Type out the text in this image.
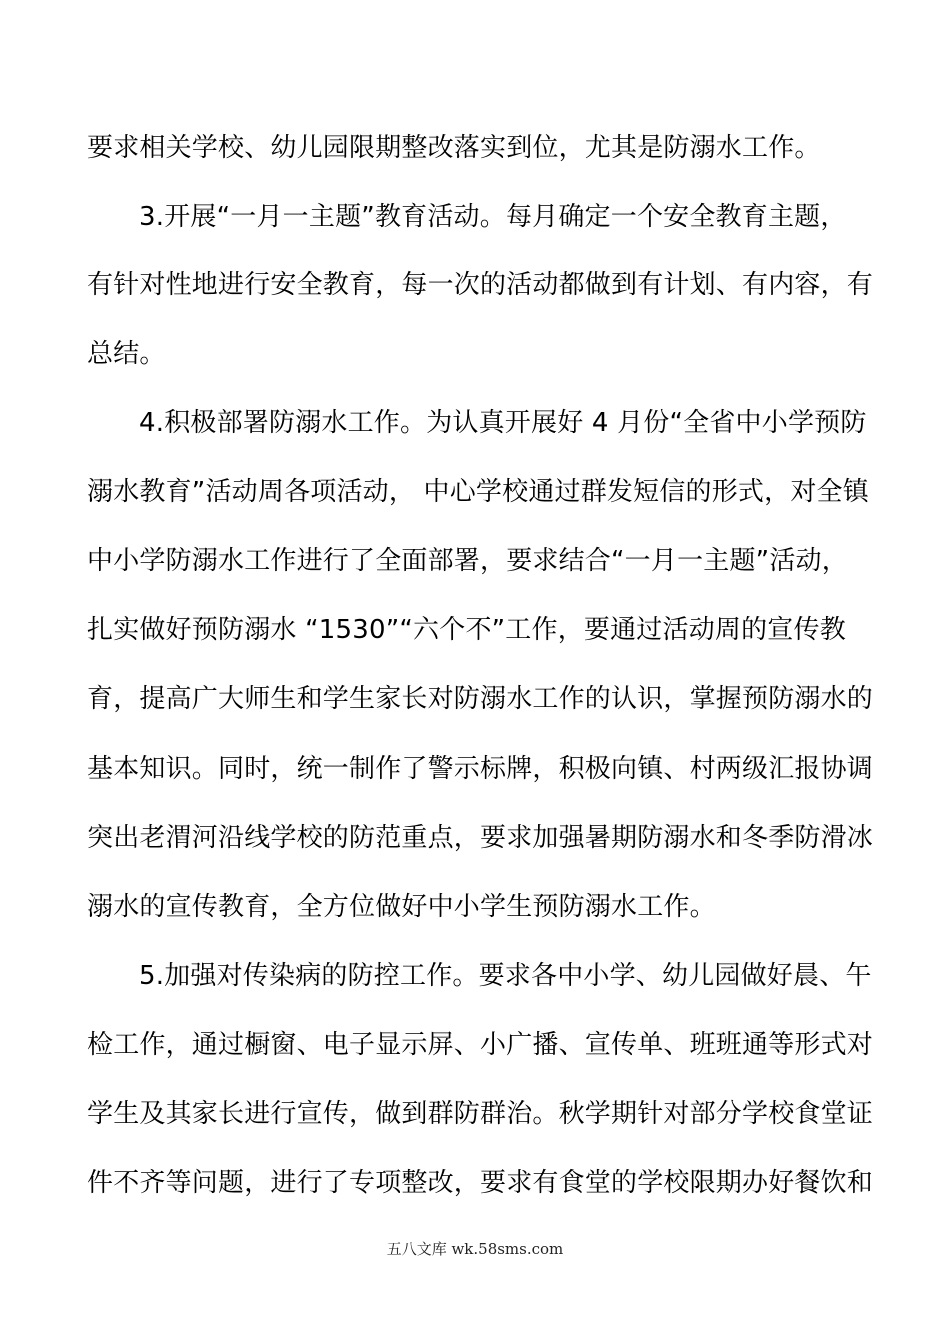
要求相关学校、幼儿园限期整改落实到位，尤其是防溺水工作。
3.开展“一月一主题”教育活动。每月确定一个安全教育主题，
有针对性地进行安全教育，每一次的活动都做到有计划、有内容，有
总结。
4.积极部署防溺水工作。为认真开展好 4 月份“全省中小学预防
溺水教育”活动周各项活动， 中心学校通过群发短信的形式，对全镇
中小学防溺水工作进行了全面部署，要求结合“一月一主题”活动，
扎实做好预防溺水 “1530”“六个不”工作，要通过活动周的宣传教
育，提高广大师生和学生家长对防溺水工作的认识，掌握预防溺水的
基本知识。同时，统一制作了警示标牌，积极向镇、村两级汇报协调
突出老渭河沿线学校的防范重点，要求加强暑期防溺水和冬季防滑冰
溺水的宣传教育，全方位做好中小学生预防溺水工作。
5.加强对传染病的防控工作。要求各中小学、幼儿园做好晨、午
检工作，通过橱窗、电子显示屏、小广播、宣传单、班班通等形式对
学生及其家长进行宣传，做到群防群治。秋学期针对部分学校食堂证
件不齐等问题，进行了专项整改，要求有食堂的学校限期办好餐饮和
五八文库 wk.58sms.com
